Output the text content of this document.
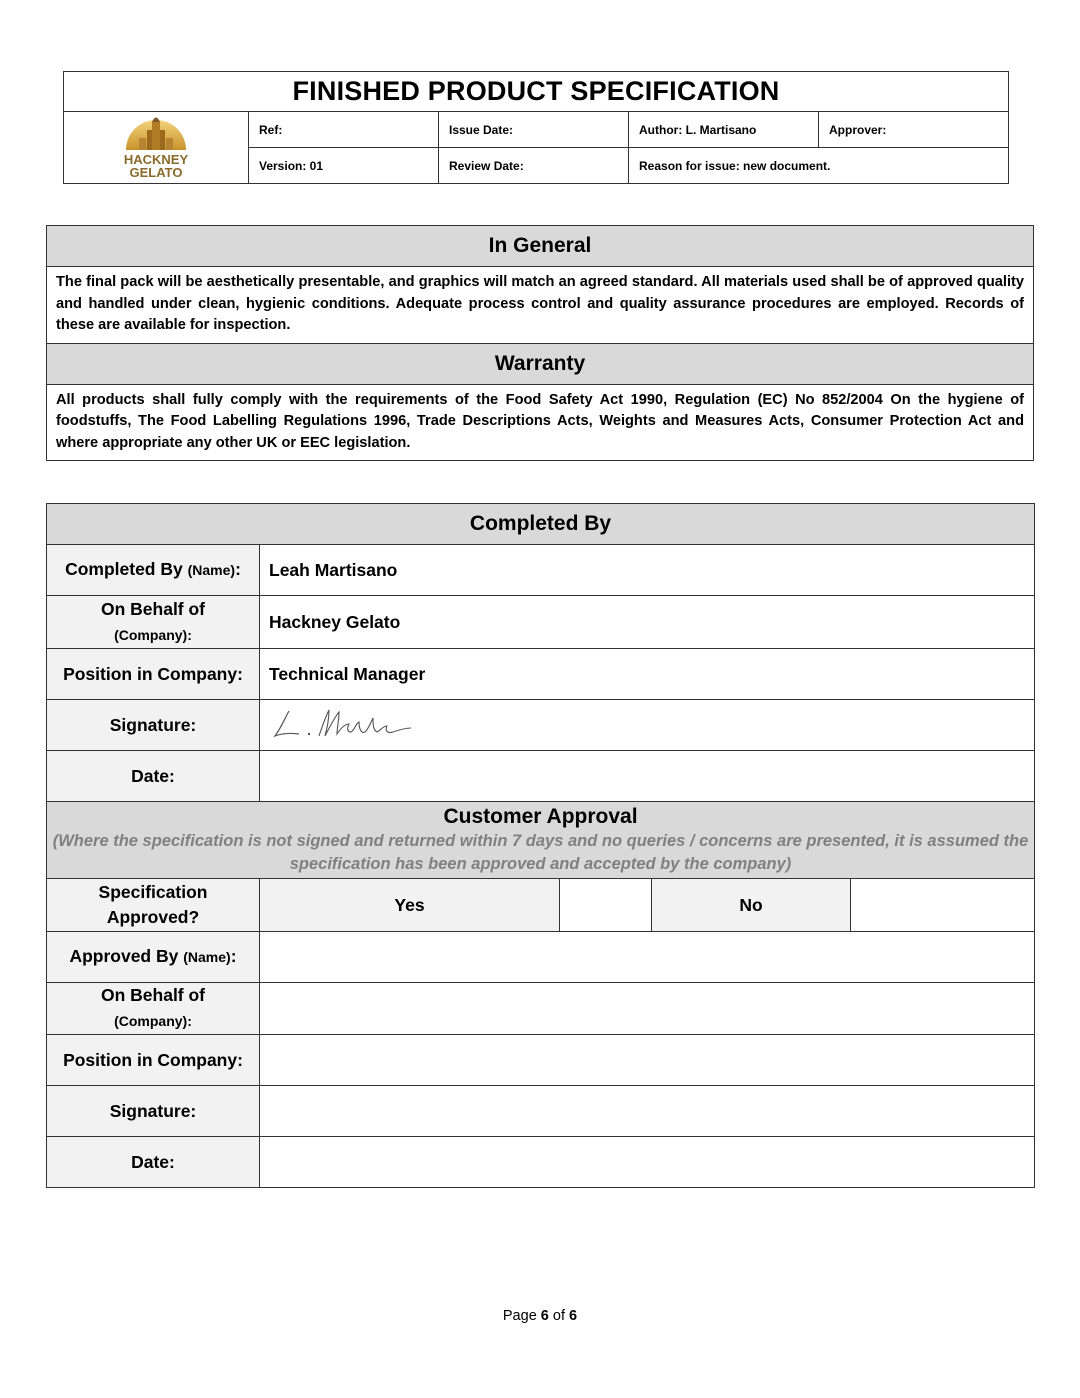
FINISHED PRODUCT SPECIFICATION				

HACKNEY
GELATO	Ref:	Issue Date:	Author: L. Martisano	Approver:
	Version: 01	Review Date:	Reason for issue: new document.	
In General
The final pack will be aesthetically presentable, and graphics will match an agreed standard. All materials used shall be of approved quality and handled under clean, hygienic conditions. Adequate process control and quality assurance procedures are employed. Records of these are available for inspection.
Warranty
All products shall fully comply with the requirements of the Food Safety Act 1990, Regulation (EC) No 852/2004 On the hygiene of foodstuffs, The Food Labelling Regulations 1996, Trade Descriptions Acts, Weights and Measures Acts, Consumer Protection Act and where appropriate any other UK or EEC legislation.
Completed By				
Completed By (Name):	Leah Martisano			
On Behalf of
(Company):	Hackney Gelato			
Position in Company:	Technical Manager			
Signature:	
Date:				

Customer Approval
(Where the specification is not signed and returned within 7 days and no queries / concerns are presented, it is assumed the specification has been approved and accepted by the company)				

Specification
Approved?	Yes		No	
Approved By (Name):				
On Behalf of
(Company):				
Position in Company:				
Signature:				
Date:				
Page 6 of 6
